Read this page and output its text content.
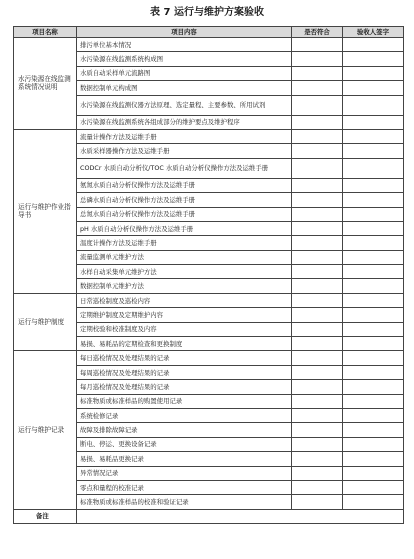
表 7 运行与维护方案验收
项目名称	项目内容	是否符合	验收人签字
水污染源在线监测系统情况说明	排污单位基本情况		
	水污染源在线监测系统构成图		
	水质自动采样单元流路图		
	数据控制单元构成图		
	水污染源在线监测仪器方法原理、选定量程、主要参数、所用试剂		
	水污染源在线监测系统各组成部分的维护要点及维护程序		
运行与维护作业指导书	流量计操作方法及运维手册		
	水质采样器操作方法及运维手册		
	CODCr 水质自动分析仪/TOC 水质自动分析仪操作方法及运维手册		
	氨氮水质自动分析仪操作方法及运维手册		
	总磷水质自动分析仪操作方法及运维手册		
	总氮水质自动分析仪操作方法及运维手册		
	pH 水质自动分析仪操作方法及运维手册		
	温度计操作方法及运维手册		
	流量监测单元维护方法		
	水样自动采集单元维护方法		
	数据控制单元维护方法		
运行与维护制度	日常巡检制度及巡检内容		
	定期维护制度及定期维护内容		
	定期校验和校准制度及内容		
	易损、易耗品的定期检查和更换制度		
运行与维护记录	每日巡检情况及处理结果的记录		
	每周巡检情况及处理结果的记录		
	每月巡检情况及处理结果的记录		
	标准物质或标准样品的购置使用记录		
	系统检修记录		
	故障及排除故障记录		
	断电、停运、更换设备记录		
	易损、易耗品更换记录		
	异常情况记录		
	零点和量程的校准记录		
	标准物质或标准样品的校准和验证记录		
备注			
